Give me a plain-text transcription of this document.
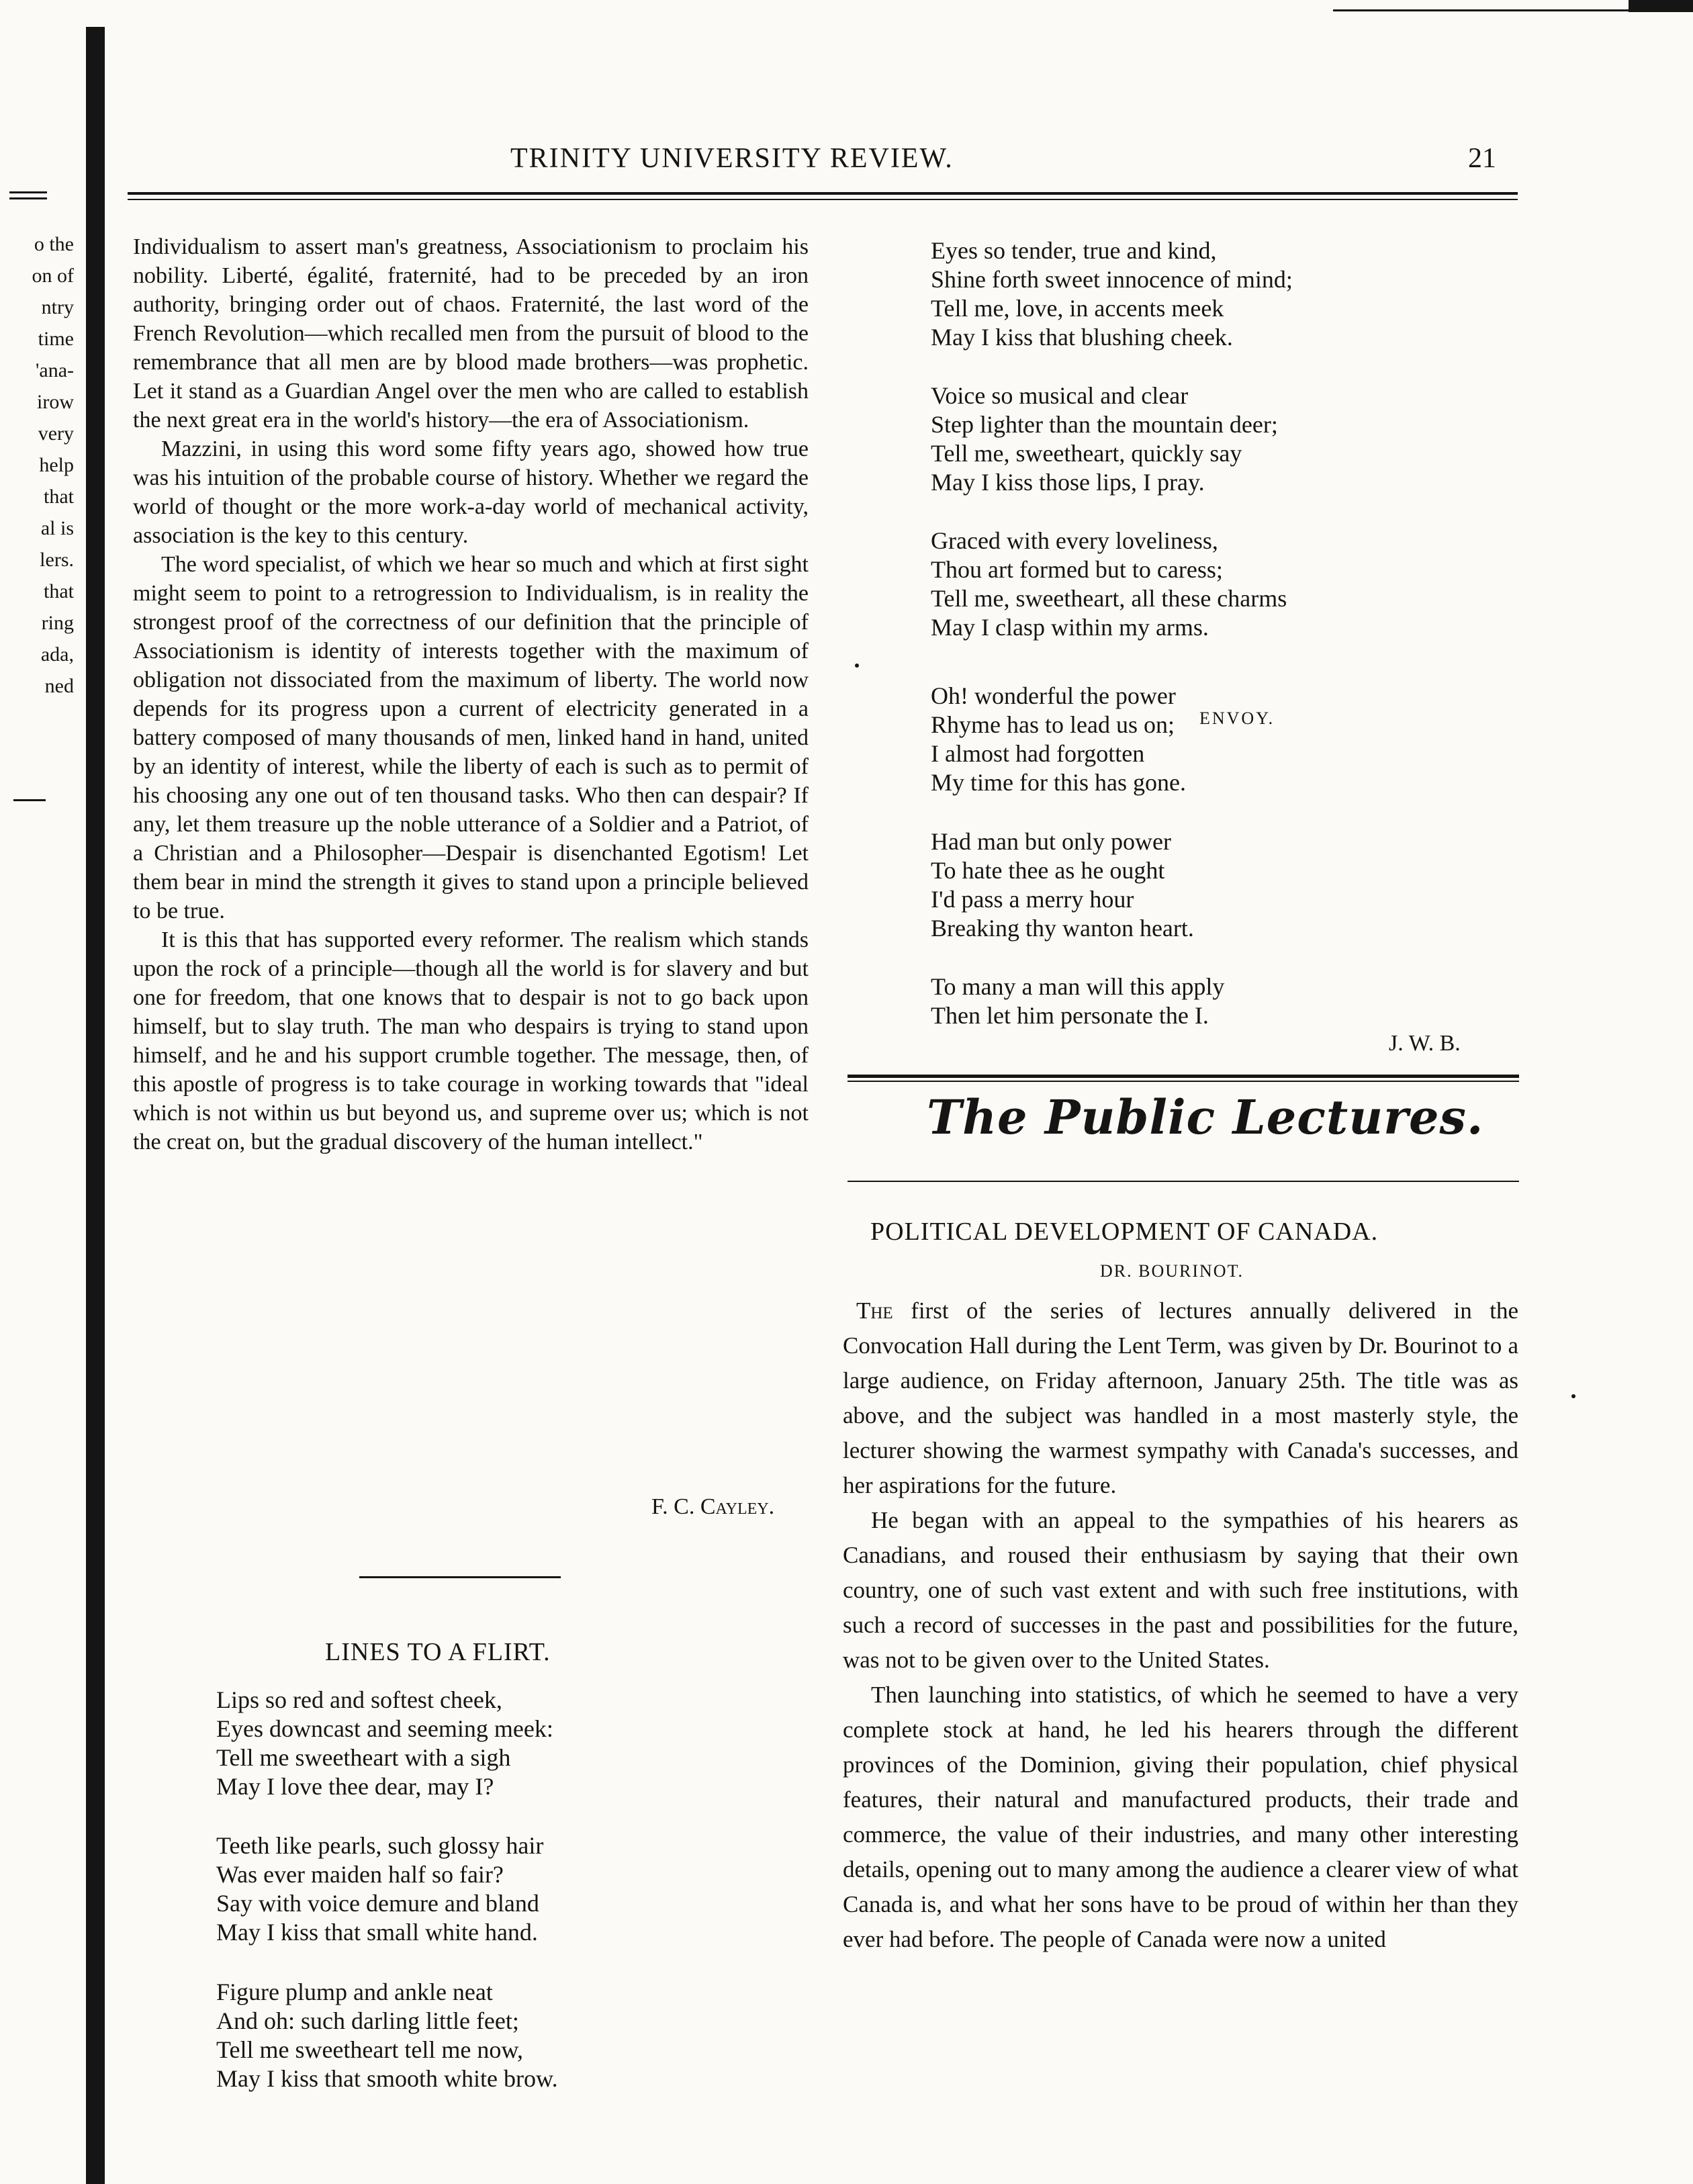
o the
on of
ntry
time
'ana-
irow
very
help
that
al is
lers.
that
ring
ada,
ned
TRINITY UNIVERSITY REVIEW.	21

Individualism to assert man's greatness, Associationism to proclaim his nobility. Liberté, égalité, fraternité, had to be preceded by an iron authority, bringing order out of chaos. Fraternité, the last word of the French Revolution—which recalled men from the pursuit of blood to the remembrance that all men are by blood made brothers—was prophetic. Let it stand as a Guardian Angel over the men who are called to establish the next great era in the world's history—the era of Associationism.

Mazzini, in using this word some fifty years ago, showed how true was his intuition of the probable course of history. Whether we regard the world of thought or the more work-a-day world of mechanical activity, association is the key to this century.

The word specialist, of which we hear so much and which at first sight might seem to point to a retrogression to Individualism, is in reality the strongest proof of the correctness of our definition that the principle of Associationism is identity of interests together with the maximum of obligation not dissociated from the maximum of liberty. The world now depends for its progress upon a current of electricity generated in a battery composed of many thousands of men, linked hand in hand, united by an identity of interest, while the liberty of each is such as to permit of his choosing any one out of ten thousand tasks. Who then can despair? If any, let them treasure up the noble utterance of a Soldier and a Patriot, of a Christian and a Philosopher—Despair is disenchanted Egotism! Let them bear in mind the strength it gives to stand upon a principle believed to be true.

It is this that has supported every reformer. The realism which stands upon the rock of a principle—though all the world is for slavery and but one for freedom, that one knows that to despair is not to go back upon himself, but to slay truth. The man who despairs is trying to stand upon himself, and he and his support crumble together. The message, then, of this apostle of progress is to take courage in working towards that "ideal which is not within us but beyond us, and supreme over us; which is not the creat on, but the gradual discovery of the human intellect."

F. C. Cayley.
LINES TO A FLIRT.
Lips so red and softest cheek,
Eyes downcast and seeming meek:
Tell me sweetheart with a sigh
May I love thee dear, may I?
Teeth like pearls, such glossy hair
Was ever maiden half so fair?
Say with voice demure and bland
May I kiss that small white hand.
Figure plump and ankle neat
And oh: such darling little feet;
Tell me sweetheart tell me now,
May I kiss that smooth white brow.
Eyes so tender, true and kind,
Shine forth sweet innocence of mind;
Tell me, love, in accents meek
May I kiss that blushing cheek.
Voice so musical and clear
Step lighter than the mountain deer;
Tell me, sweetheart, quickly say
May I kiss those lips, I pray.
Graced with every loveliness,
Thou art formed but to caress;
Tell me, sweetheart, all these charms
May I clasp within my arms.
ENVOY.
Oh! wonderful the power
Rhyme has to lead us on;
I almost had forgotten
My time for this has gone.
Had man but only power
To hate thee as he ought
I'd pass a merry hour
Breaking thy wanton heart.
To many a man will this apply
Then let him personate the I.
J. W. B.
The Public Lectures.
POLITICAL DEVELOPMENT OF CANADA.
DR. BOURINOT.

The first of the series of lectures annually delivered in the Convocation Hall during the Lent Term, was given by Dr. Bourinot to a large audience, on Friday afternoon, January 25th. The title was as above, and the subject was handled in a most masterly style, the lecturer showing the warmest sympathy with Canada's successes, and her aspirations for the future.

He began with an appeal to the sympathies of his hearers as Canadians, and roused their enthusiasm by saying that their own country, one of such vast extent and with such free institutions, with such a record of successes in the past and possibilities for the future, was not to be given over to the United States.

Then launching into statistics, of which he seemed to have a very complete stock at hand, he led his hearers through the different provinces of the Dominion, giving their population, chief physical features, their natural and manufactured products, their trade and commerce, the value of their industries, and many other interesting details, opening out to many among the audience a clearer view of what Canada is, and what her sons have to be proud of within her than they ever had before. The people of Canada were now a united
